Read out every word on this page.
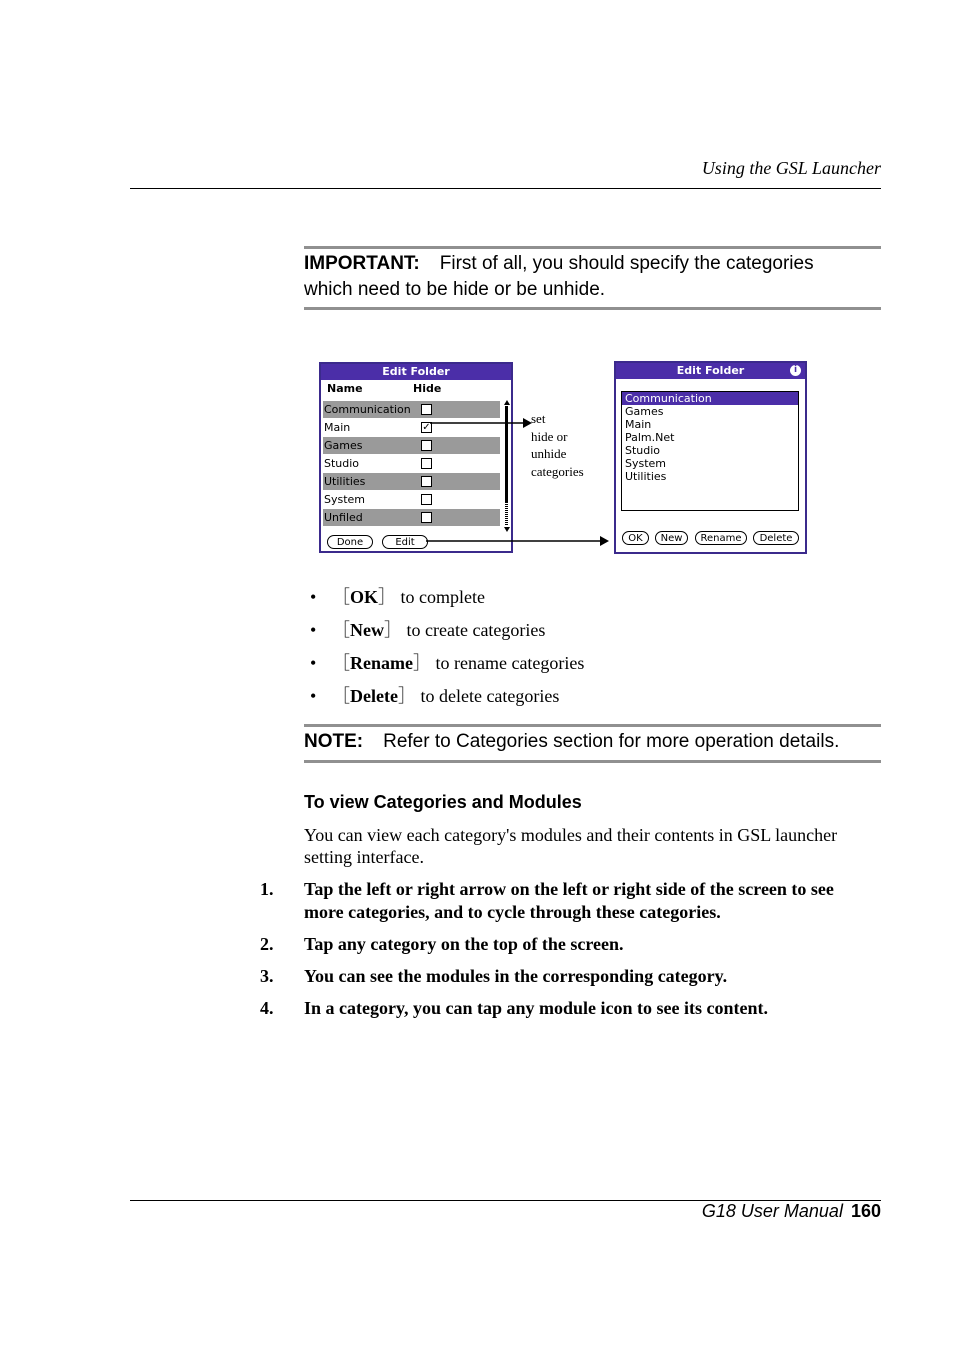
Using the GSL Launcher
IMPORTANT: First of all, you should specify the categories
which need to be hide or be unhide.
Edit Folder
Name	Hide
Communication
Main	✓
Games
Studio
Utilities
System
Unfiled
Done	Edit
set
hide or
unhide
categories
Edit Folder	i
Communication
Games
Main
Palm.Net
Studio
System
Utilities
OK	New	Rename	Delete
• ［OK］ to complete
• ［New］ to create categories
• ［Rename］ to rename categories
• ［Delete］ to delete categories
NOTE: Refer to Categories section for more operation details.
To view Categories and Modules
You can view each category's modules and their contents in GSL launcher
setting interface.
1. Tap the left or right arrow on the left or right side of the screen to see
more categories, and to cycle through these categories.
2. Tap any category on the top of the screen.
3. You can see the modules in the corresponding category.
4. In a category, you can tap any module icon to see its content.
G18 User Manual 160
